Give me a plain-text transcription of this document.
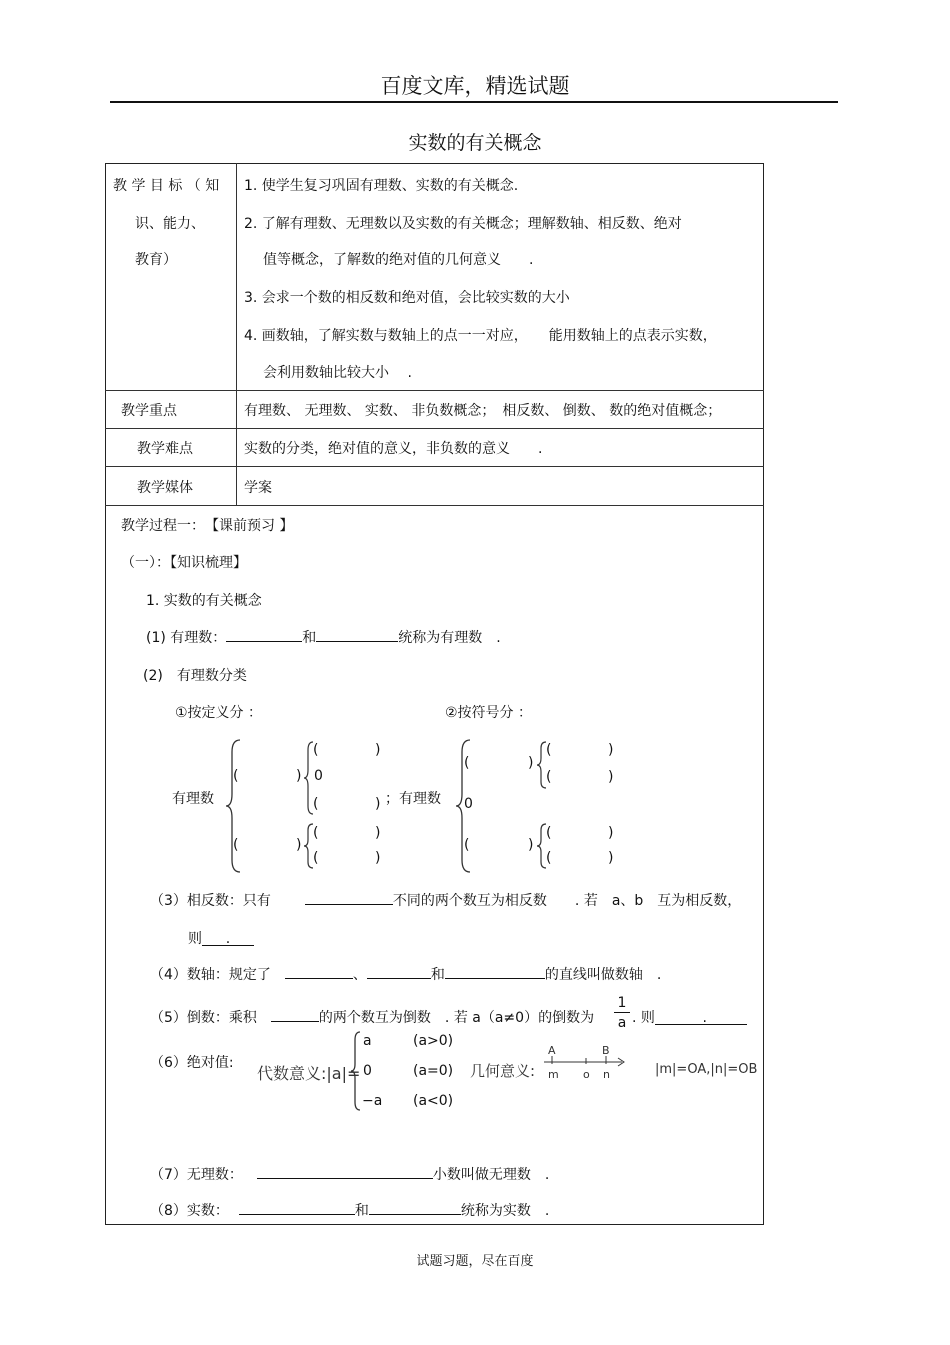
百度文库，精选试题
实数的有关概念
教 学 目 标 （ 知
识、能力、
教育）
1. 使学生复习巩固有理数、实数的有关概念.
2. 了解有理数、无理数以及实数的有关概念；理解数轴、相反数、绝对
值等概念，了解数的绝对值的几何意义　　.
3. 会求一个数的相反数和绝对值，会比较实数的大小
4. 画数轴，了解实数与数轴上的点一一对应，　　能用数轴上的点表示实数，
会利用数轴比较大小　 .
教学重点	有理数、 无理数、 实数、 非负数概念；　相反数、 倒数、 数的绝对值概念；
教学难点	实数的分类，绝对值的意义，非负数的意义　　.
教学媒体	学案
教学过程一：　【课前预习 】
（一）：【知识梳理】
1. 实数的有关概念
(1) 有理数：	和	统称为有理数　.
(2)　有理数分类
①按定义分 ：	②按符号分 ：
有理数
(	)
(	)
(	)
0
(	)
(	)
(	)
；有理数
(	)
0
(	)
(	)
(	)
(	)
(	)
（3）相反数：只有	不同的两个数互为相反数　　. 若　a、b　互为相反数，
则 .
（4）数轴：规定了	、	和	的直线叫做数轴　.
（5）倒数：乘积	的两个数互为倒数　. 若 a（a≠0）的倒数为
1
a . 则	.
（6）绝对值:
代数意义:|a|=
a	(a>0)
0	(a=0)
−a (a<0)
几何意义:
A	B
m o n	|m|=OA,|n|=OB
（7）无理数：	小数叫做无理数　.
（8）实数：	和	统称为实数　.
试题习题，尽在百度
